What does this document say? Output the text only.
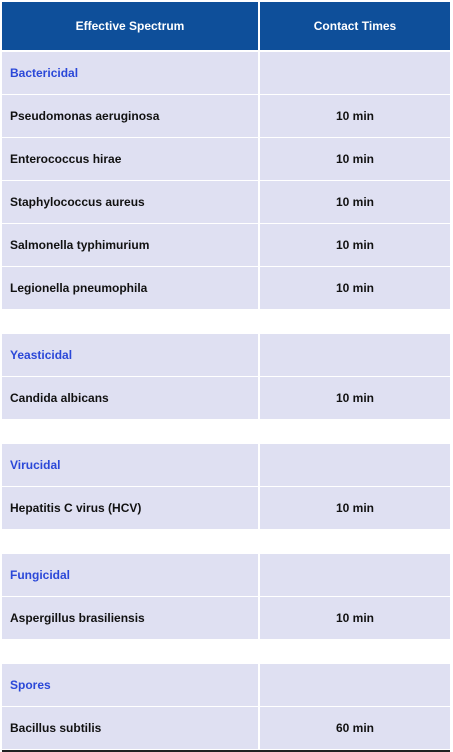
Effective Spectrum	Contact Times
Bactericidal
Pseudomonas aeruginosa	10 min
Enterococcus hirae	10 min
Staphylococcus aureus	10 min
Salmonella typhimurium	10 min
Legionella pneumophila	10 min
Yeasticidal
Candida albicans	10 min
Virucidal
Hepatitis C virus (HCV)	10 min
Fungicidal
Aspergillus brasiliensis	10 min
Spores
Bacillus subtilis	60 min
